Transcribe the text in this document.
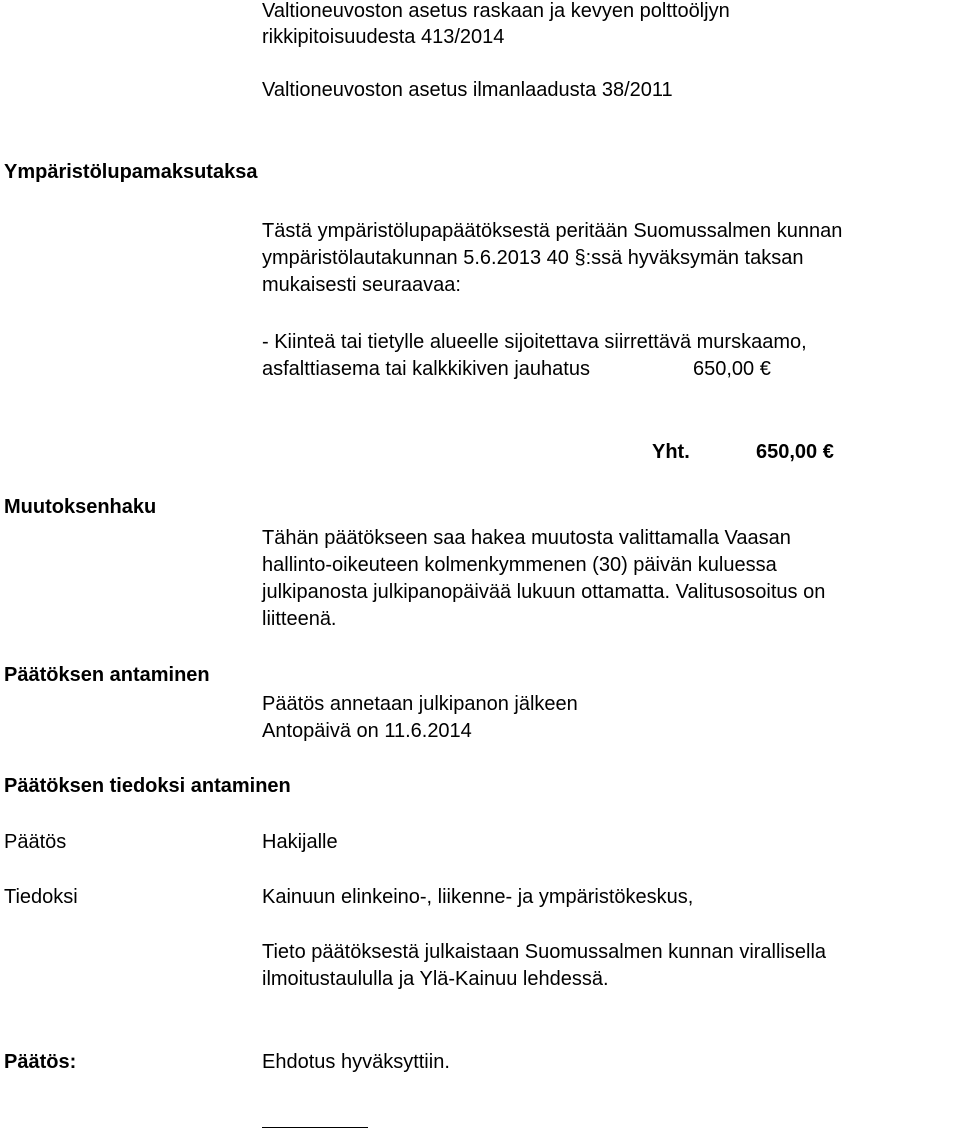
Valtioneuvoston asetus raskaan ja kevyen polttoöljyn

rikkipitoisuudesta 413/2014

Valtioneuvoston asetus ilmanlaadusta 38/2011

Ympäristölupamaksutaksa

Tästä ympäristölupapäätöksestä peritään Suomussalmen kunnan

ympäristölautakunnan 5.6.2013 40 §:ssä hyväksymän taksan

mukaisesti seuraavaa:

- Kiinteä tai tietylle alueelle sijoitettava siirrettävä murskaamo,

asfalttiasema tai kalkkikiven jauhatus	650,00 €
Yht.	650,00 €

Muutoksenhaku

Tähän päätökseen saa hakea muutosta valittamalla Vaasan

hallinto-oikeuteen kolmenkymmenen (30) päivän kuluessa

julkipanosta julkipanopäivää lukuun ottamatta. Valitusosoitus on

liitteenä.

Päätöksen antaminen

Päätös annetaan julkipanon jälkeen

Antopäivä on 11.6.2014

Päätöksen tiedoksi antaminen

Päätös	Hakijalle

Tiedoksi	Kainuun elinkeino-, liikenne- ja ympäristökeskus,

Tieto päätöksestä julkaistaan Suomussalmen kunnan virallisella

ilmoitustaululla ja Ylä-Kainuu lehdessä.

Päätös:	Ehdotus hyväksyttiin.
